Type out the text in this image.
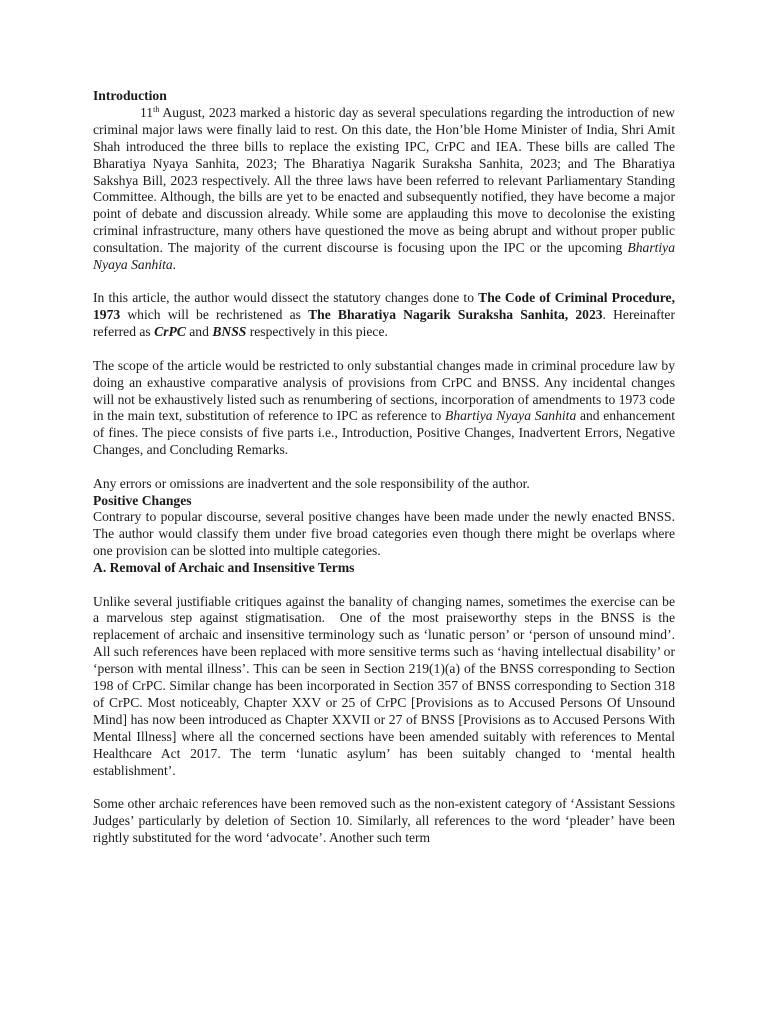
Introduction

11th August, 2023 marked a historic day as several speculations regarding the introduction of new criminal major laws were finally laid to rest. On this date, the Hon’ble Home Minister of India, Shri Amit Shah introduced the three bills to replace the existing IPC, CrPC and IEA. These bills are called The Bharatiya Nyaya Sanhita, 2023; The Bharatiya Nagarik Suraksha Sanhita, 2023; and The Bharatiya Sakshya Bill, 2023 respectively. All the three laws have been referred to relevant Parliamentary Standing Committee. Although, the bills are yet to be enacted and subsequently notified, they have become a major point of debate and discussion already. While some are applauding this move to decolonise the existing criminal infrastructure, many others have questioned the move as being abrupt and without proper public consultation. The majority of the current discourse is focusing upon the IPC or the upcoming Bhartiya Nyaya Sanhita.

In this article, the author would dissect the statutory changes done to The Code of Criminal Procedure, 1973 which will be rechristened as The Bharatiya Nagarik Suraksha Sanhita, 2023. Hereinafter referred as CrPC and BNSS respectively in this piece.

The scope of the article would be restricted to only substantial changes made in criminal procedure law by doing an exhaustive comparative analysis of provisions from CrPC and BNSS. Any incidental changes will not be exhaustively listed such as renumbering of sections, incorporation of amendments to 1973 code in the main text, substitution of reference to IPC as reference to Bhartiya Nyaya Sanhita and enhancement of fines. The piece consists of five parts i.e., Introduction, Positive Changes, Inadvertent Errors, Negative Changes, and Concluding Remarks.

Any errors or omissions are inadvertent and the sole responsibility of the author.

Positive Changes

Contrary to popular discourse, several positive changes have been made under the newly enacted BNSS. The author would classify them under five broad categories even though there might be overlaps where one provision can be slotted into multiple categories.

A. Removal of Archaic and Insensitive Terms

Unlike several justifiable critiques against the banality of changing names, sometimes the exercise can be a marvelous step against stigmatisation.  One of the most praiseworthy steps in the BNSS is the replacement of archaic and insensitive terminology such as ‘lunatic person’ or ‘person of unsound mind’. All such references have been replaced with more sensitive terms such as ‘having intellectual disability’ or ‘person with mental illness’. This can be seen in Section 219(1)(a) of the BNSS corresponding to Section 198 of CrPC. Similar change has been incorporated in Section 357 of BNSS corresponding to Section 318 of CrPC. Most noticeably, Chapter XXV or 25 of CrPC [Provisions as to Accused Persons Of Unsound Mind] has now been introduced as Chapter XXVII or 27 of BNSS [Provisions as to Accused Persons With Mental Illness] where all the concerned sections have been amended suitably with references to Mental Healthcare Act 2017. The term ‘lunatic asylum’ has been suitably changed to ‘mental health establishment’.

Some other archaic references have been removed such as the non-existent category of ‘Assistant Sessions Judges’ particularly by deletion of Section 10. Similarly, all references to the word ‘pleader’ have been rightly substituted for the word ‘advocate’. Another such term
